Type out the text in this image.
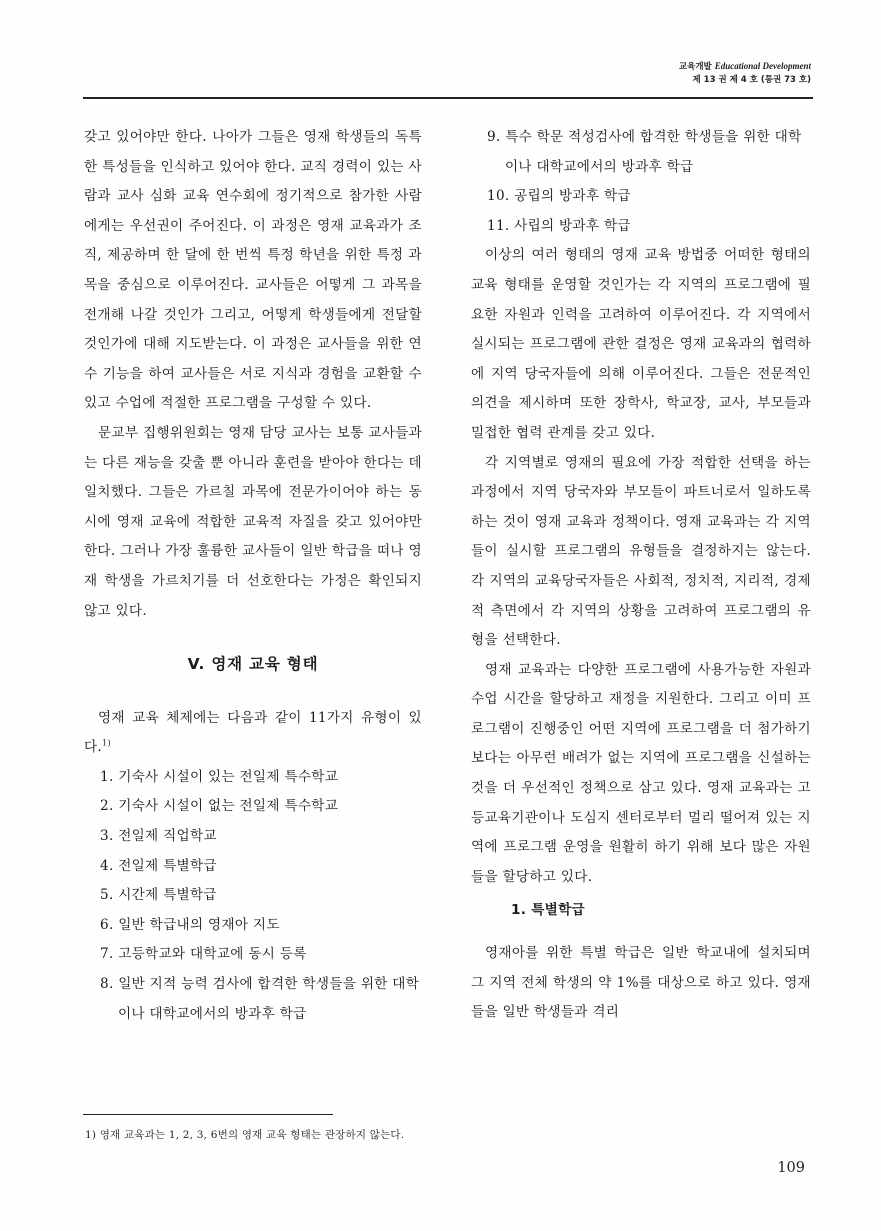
교육개발 Educational Development
제 13 권 제 4 호 (통권 73 호)

갖고 있어야만 한다. 나아가 그들은 영재 학생들의 독특한 특성들을 인식하고 있어야 한다. 교직 경력이 있는 사람과 교사 심화 교육 연수회에 정기적으로 참가한 사람에게는 우선권이 주어진다. 이 과정은 영재 교육과가 조직, 제공하며 한 달에 한 번씩 특정 학년을 위한 특정 과목을 중심으로 이루어진다. 교사들은 어떻게 그 과목을 전개해 나갈 것인가 그리고, 어떻게 학생들에게 전달할 것인가에 대해 지도받는다. 이 과정은 교사들을 위한 연수 기능을 하여 교사들은 서로 지식과 경험을 교환할 수 있고 수업에 적절한 프로그램을 구성할 수 있다.

문교부 집행위원회는 영재 담당 교사는 보통 교사들과는 다른 재능을 갖출 뿐 아니라 훈련을 받아야 한다는 데 일치했다. 그들은 가르칠 과목에 전문가이어야 하는 동시에 영재 교육에 적합한 교육적 자질을 갖고 있어야만 한다. 그러나 가장 훌륭한 교사들이 일반 학급을 떠나 영재 학생을 가르치기를 더 선호한다는 가정은 확인되지 않고 있다.

V. 영재 교육 형태

영재 교육 체제에는 다음과 같이 11가지 유형이 있다.$^{1)}$

1. 기숙사 시설이 있는 전일제 특수학교
2. 기숙사 시설이 없는 전일제 특수학교
3. 전일제 직업학교
4. 전일제 특별학급
5. 시간제 특별학급
6. 일반 학급내의 영재아 지도
7. 고등학교와 대학교에 동시 등록
8. 일반 지적 능력 검사에 합격한 학생들을 위한 대학이나 대학교에서의 방과후 학급
9. 특수 학문 적성검사에 합격한 학생들을 위한 대학이나 대학교에서의 방과후 학급
10. 공립의 방과후 학급
11. 사립의 방과후 학급

이상의 여러 형태의 영재 교육 방법중 어떠한 형태의 교육 형태를 운영할 것인가는 각 지역의 프로그램에 필요한 자원과 인력을 고려하여 이루어진다. 각 지역에서 실시되는 프로그램에 관한 결정은 영재 교육과의 협력하에 지역 당국자들에 의해 이루어진다. 그들은 전문적인 의견을 제시하며 또한 장학사, 학교장, 교사, 부모들과 밀접한 협력 관계를 갖고 있다.

각 지역별로 영재의 필요에 가장 적합한 선택을 하는 과정에서 지역 당국자와 부모들이 파트너로서 일하도록 하는 것이 영재 교육과 정책이다. 영재 교육과는 각 지역들이 실시할 프로그램의 유형들을 결정하지는 않는다. 각 지역의 교육당국자들은 사회적, 정치적, 지리적, 경제적 측면에서 각 지역의 상황을 고려하여 프로그램의 유형을 선택한다.

영재 교육과는 다양한 프로그램에 사용가능한 자원과 수업 시간을 할당하고 재정을 지원한다. 그리고 이미 프로그램이 진행중인 어떤 지역에 프로그램을 더 첨가하기 보다는 아무런 배려가 없는 지역에 프로그램을 신설하는 것을 더 우선적인 정책으로 삼고 있다. 영재 교육과는 고등교육기관이나 도심지 센터로부터 멀리 떨어져 있는 지역에 프로그램 운영을 원활히 하기 위해 보다 많은 자원들을 할당하고 있다.

1. 특별학급

영재아를 위한 특별 학급은 일반 학교내에 설치되며 그 지역 전체 학생의 약 1%를 대상으로 하고 있다. 영재들을 일반 학생들과 격리

1) 영재 교육과는 1, 2, 3, 6번의 영재 교육 형태는 관장하지 않는다.
109
